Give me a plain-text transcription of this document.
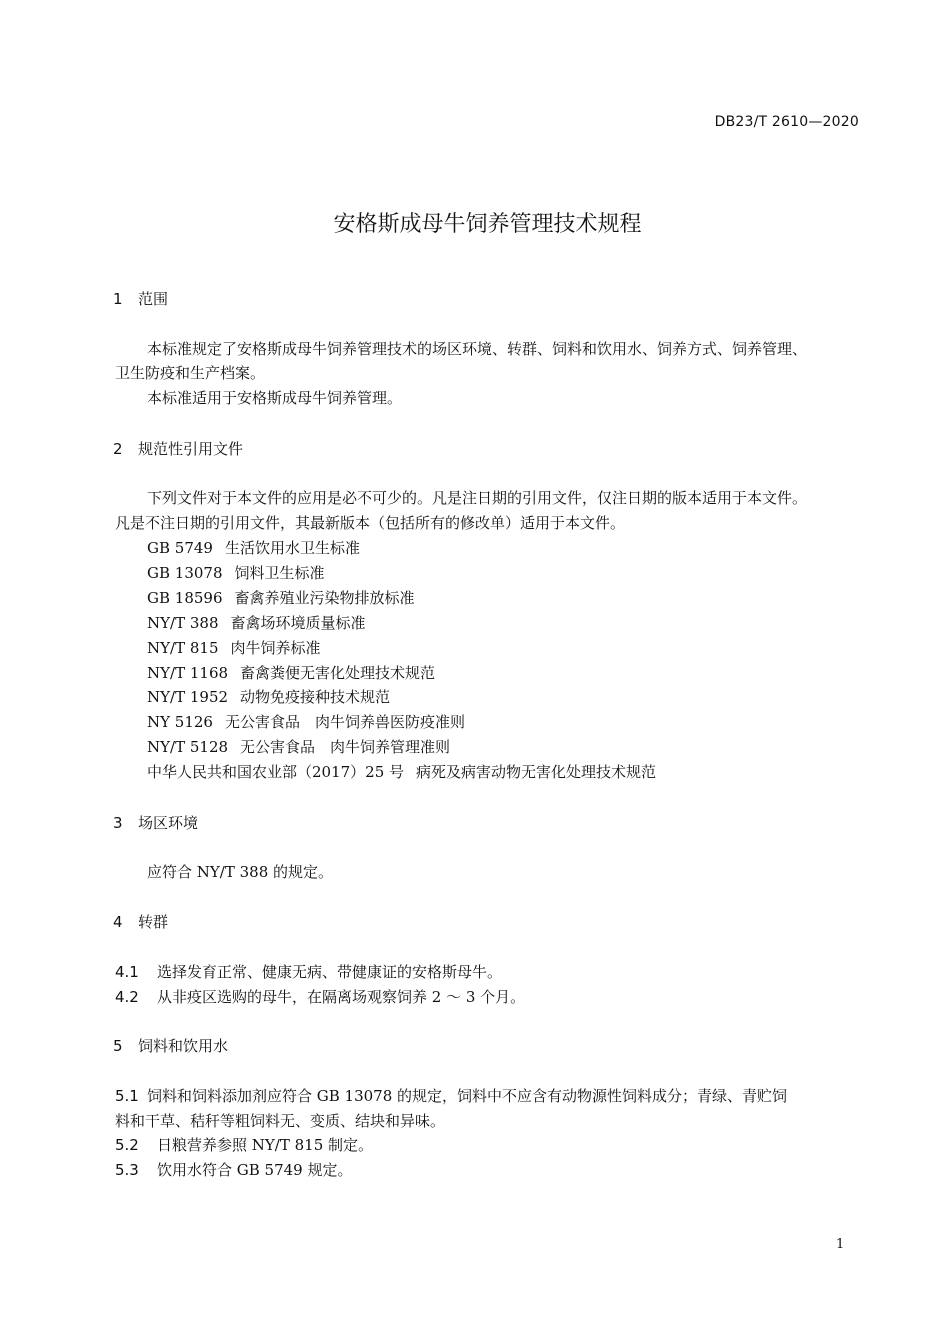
DB23/T 2610—2020
安格斯成母牛饲养管理技术规程
1 范围
本标准规定了安格斯成母牛饲养管理技术的场区环境、转群、饲料和饮用水、饲养方式、饲养管理、
卫生防疫和生产档案。
本标准适用于安格斯成母牛饲养管理。
2 规范性引用文件
下列文件对于本文件的应用是必不可少的。凡是注日期的引用文件，仅注日期的版本适用于本文件。
凡是不注日期的引用文件，其最新版本（包括所有的修改单）适用于本文件。
GB 5749 生活饮用水卫生标准
GB 13078 饲料卫生标准
GB 18596 畜禽养殖业污染物排放标准
NY/T 388 畜禽场环境质量标准
NY/T 815 肉牛饲养标准
NY/T 1168 畜禽粪便无害化处理技术规范
NY/T 1952 动物免疫接种技术规范
NY 5126 无公害食品　肉牛饲养兽医防疫准则
NY/T 5128 无公害食品　肉牛饲养管理准则
中华人民共和国农业部（2017）25 号 病死及病害动物无害化处理技术规范
3 场区环境
应符合 NY/T 388 的规定。
4 转群
4.1 选择发育正常、健康无病、带健康证的安格斯母牛。
4.2 从非疫区选购的母牛，在隔离场观察饲养 2 ～ 3 个月。
5 饲料和饮用水
5.1 饲料和饲料添加剂应符合 GB 13078 的规定，饲料中不应含有动物源性饲料成分；青绿、青贮饲
料和干草、秸秆等粗饲料无、变质、结块和异味。
5.2 日粮营养参照 NY/T 815 制定。
5.3 饮用水符合 GB 5749 规定。
1
